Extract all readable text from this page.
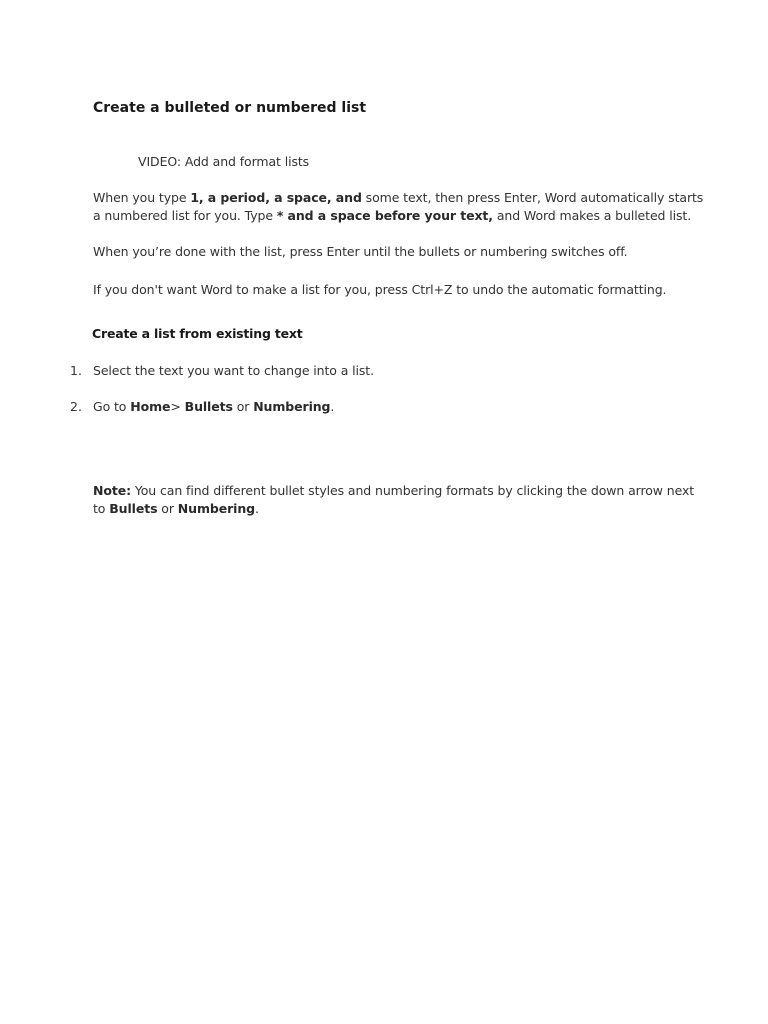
Create a bulleted or numbered list

VIDEO: Add and format lists

When you type 1, a period, a space, and some text, then press Enter, Word automatically starts

a numbered list for you. Type * and a space before your text, and Word makes a bulleted list.

When you’re done with the list, press Enter until the bullets or numbering switches off.

If you don't want Word to make a list for you, press Ctrl+Z to undo the automatic formatting.

Create a list from existing text
1. Select the text you want to change into a list.

2. Go to Home> Bullets or Numbering.

Note: You can find different bullet styles and numbering formats by clicking the down arrow next

to Bullets or Numbering.
